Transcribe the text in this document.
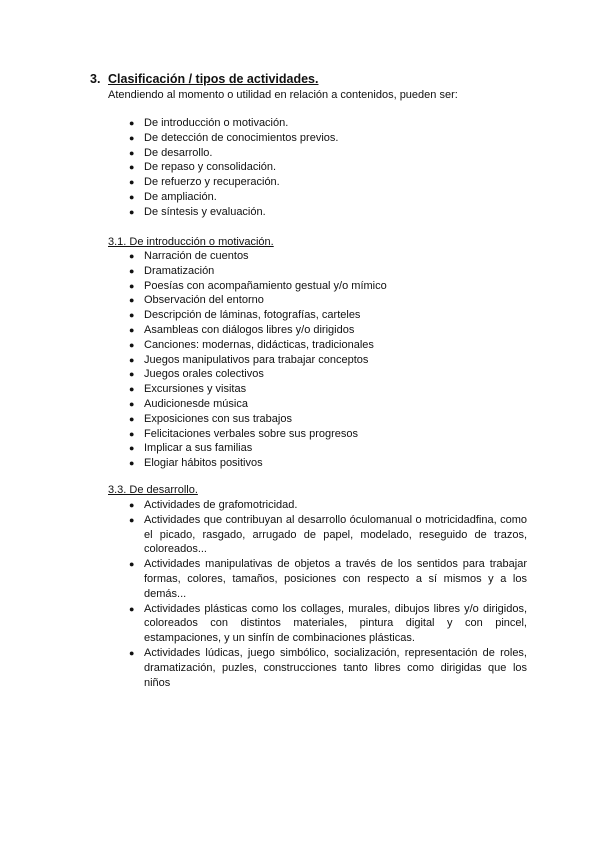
3. Clasificación / tipos de actividades.
Atendiendo al momento o utilidad en relación a contenidos, pueden ser:
● De introducción o motivación.
● De detección de conocimientos previos.
● De desarrollo.
● De repaso y consolidación.
● De refuerzo y recuperación.
● De ampliación.
● De síntesis y evaluación.
3.1. De introducción o motivación.
● Narración de cuentos
● Dramatización
● Poesías con acompañamiento gestual y/o mímico
● Observación del entorno
● Descripción de láminas, fotografías, carteles
● Asambleas con diálogos libres y/o dirigidos
● Canciones: modernas, didácticas, tradicionales
● Juegos manipulativos para trabajar conceptos
● Juegos orales colectivos
● Excursiones y visitas
● Audicionesde música
● Exposiciones con sus trabajos
● Felicitaciones verbales sobre sus progresos
● Implicar a sus familias
● Elogiar hábitos positivos
3.3. De desarrollo.
● Actividades de grafomotricidad.
● Actividades que contribuyan al desarrollo óculomanual o motricidadfina, como el picado, rasgado, arrugado de papel, modelado, reseguido de trazos, coloreados...
● Actividades manipulativas de objetos a través de los sentidos para trabajar formas, colores, tamaños, posiciones con respecto a sí mismos y a los demás...
● Actividades plásticas como los collages, murales, dibujos libres y/o dirigidos, coloreados con distintos materiales, pintura digital y con pincel, estampaciones, y un sinfín de combinaciones plásticas.
● Actividades lúdicas, juego simbólico, socialización, representación de roles, dramatización, puzles, construcciones tanto libres como dirigidas que los niños
